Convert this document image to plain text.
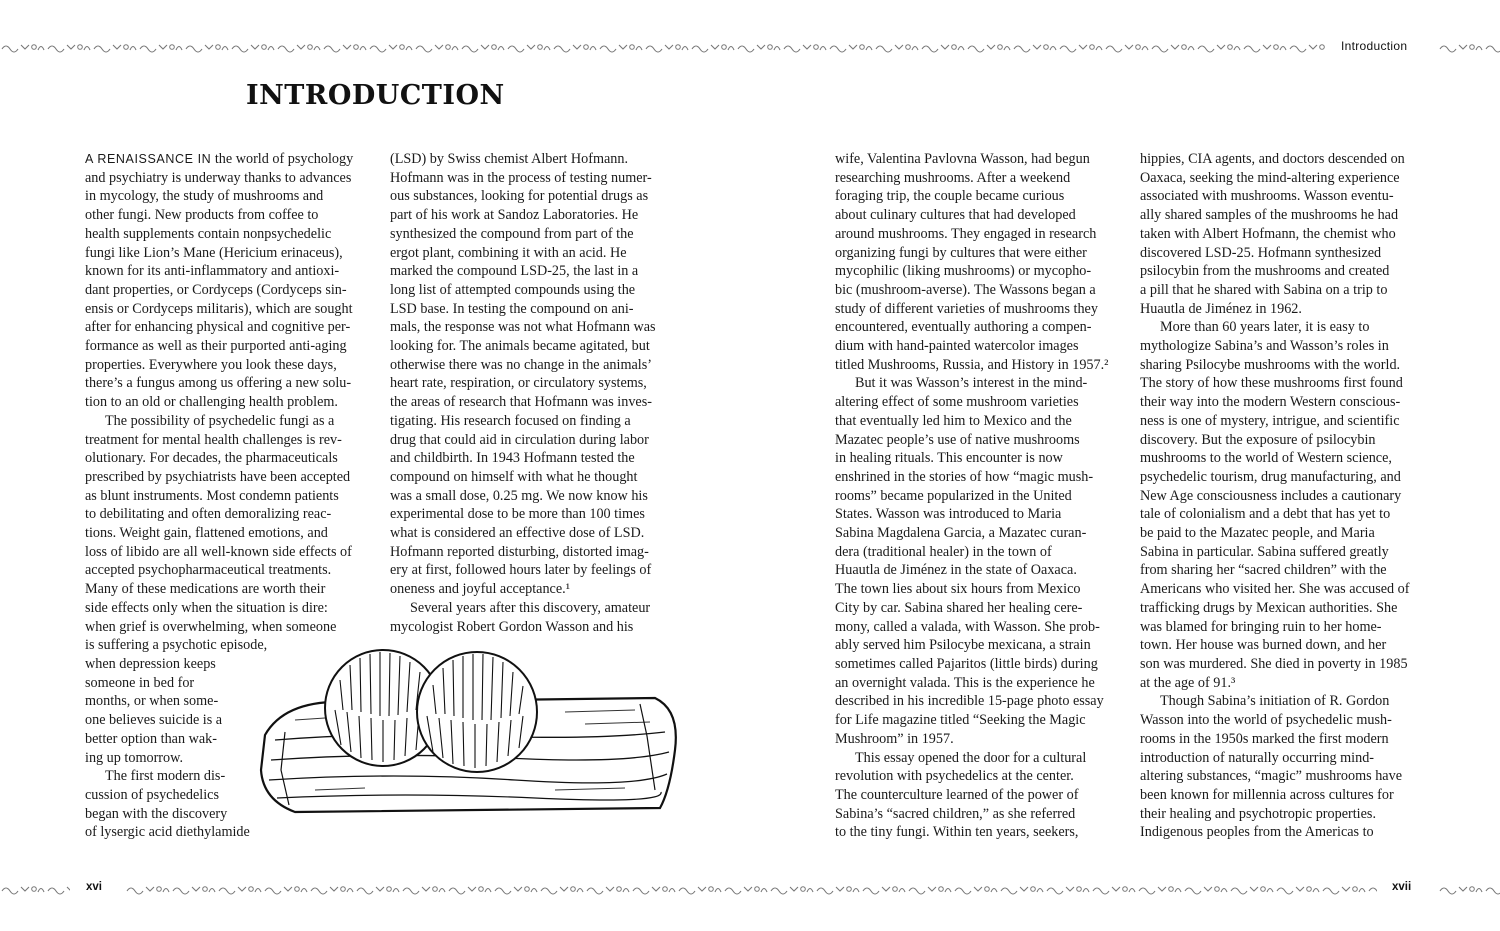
Introduction
INTRODUCTION

A RENAISSANCE IN the world of psychology
and psychiatry is underway thanks to advances
in mycology, the study of mushrooms and
other fungi. New products from coffee to
health supplements contain nonpsychedelic
fungi like Lion’s Mane (Hericium erinaceus),
known for its anti-inflammatory and antioxi-
dant properties, or Cordyceps (Cordyceps sin-
ensis or Cordyceps militaris), which are sought
after for enhancing physical and cognitive per-
formance as well as their purported anti-aging
properties. Everywhere you look these days,
there’s a fungus among us offering a new solu-
tion to an old or challenging health problem.

The possibility of psychedelic fungi as a
treatment for mental health challenges is rev-
olutionary. For decades, the pharmaceuticals
prescribed by psychiatrists have been accepted
as blunt instruments. Most condemn patients
to debilitating and often demoralizing reac-
tions. Weight gain, flattened emotions, and
loss of libido are all well-known side effects of
accepted psychopharmaceutical treatments.
Many of these medications are worth their
side effects only when the situation is dire:
when grief is overwhelming, when someone
is suffering a psychotic episode,
when depression keeps
someone in bed for
months, or when some-
one believes suicide is a
better option than wak-
ing up tomorrow.

The first modern dis-
cussion of psychedelics
began with the discovery
of lysergic acid diethylamide

(LSD) by Swiss chemist Albert Hofmann.
Hofmann was in the process of testing numer-
ous substances, looking for potential drugs as
part of his work at Sandoz Laboratories. He
synthesized the compound from part of the
ergot plant, combining it with an acid. He
marked the compound LSD-25, the last in a
long list of attempted compounds using the
LSD base. In testing the compound on ani-
mals, the response was not what Hofmann was
looking for. The animals became agitated, but
otherwise there was no change in the animals’
heart rate, respiration, or circulatory systems,
the areas of research that Hofmann was inves-
tigating. His research focused on finding a
drug that could aid in circulation during labor
and childbirth. In 1943 Hofmann tested the
compound on himself with what he thought
was a small dose, 0.25 mg. We now know his
experimental dose to be more than 100 times
what is considered an effective dose of LSD.
Hofmann reported disturbing, distorted imag-
ery at first, followed hours later by feelings of
oneness and joyful acceptance.¹

Several years after this discovery, amateur
mycologist Robert Gordon Wasson and his

wife, Valentina Pavlovna Wasson, had begun
researching mushrooms. After a weekend
foraging trip, the couple became curious
about culinary cultures that had developed
around mushrooms. They engaged in research
organizing fungi by cultures that were either
mycophilic (liking mushrooms) or mycopho-
bic (mushroom-averse). The Wassons began a
study of different varieties of mushrooms they
encountered, eventually authoring a compen-
dium with hand-painted watercolor images
titled Mushrooms, Russia, and History in 1957.²

But it was Wasson’s interest in the mind-
altering effect of some mushroom varieties
that eventually led him to Mexico and the
Mazatec people’s use of native mushrooms
in healing rituals. This encounter is now
enshrined in the stories of how “magic mush-
rooms” became popularized in the United
States. Wasson was introduced to Maria
Sabina Magdalena Garcia, a Mazatec curan-
dera (traditional healer) in the town of
Huautla de Jiménez in the state of Oaxaca.
The town lies about six hours from Mexico
City by car. Sabina shared her healing cere-
mony, called a valada, with Wasson. She prob-
ably served him Psilocybe mexicana, a strain
sometimes called Pajaritos (little birds) during
an overnight valada. This is the experience he
described in his incredible 15-page photo essay
for Life magazine titled “Seeking the Magic
Mushroom” in 1957.

This essay opened the door for a cultural
revolution with psychedelics at the center.
The counterculture learned of the power of
Sabina’s “sacred children,” as she referred
to the tiny fungi. Within ten years, seekers,

hippies, CIA agents, and doctors descended on
Oaxaca, seeking the mind-altering experience
associated with mushrooms. Wasson eventu-
ally shared samples of the mushrooms he had
taken with Albert Hofmann, the chemist who
discovered LSD-25. Hofmann synthesized
psilocybin from the mushrooms and created
a pill that he shared with Sabina on a trip to
Huautla de Jiménez in 1962.

More than 60 years later, it is easy to
mythologize Sabina’s and Wasson’s roles in
sharing Psilocybe mushrooms with the world.
The story of how these mushrooms first found
their way into the modern Western conscious-
ness is one of mystery, intrigue, and scientific
discovery. But the exposure of psilocybin
mushrooms to the world of Western science,
psychedelic tourism, drug manufacturing, and
New Age consciousness includes a cautionary
tale of colonialism and a debt that has yet to
be paid to the Mazatec people, and Maria
Sabina in particular. Sabina suffered greatly
from sharing her “sacred children” with the
Americans who visited her. She was accused of
trafficking drugs by Mexican authorities. She
was blamed for bringing ruin to her home-
town. Her house was burned down, and her
son was murdered. She died in poverty in 1985
at the age of 91.³

Though Sabina’s initiation of R. Gordon
Wasson into the world of psychedelic mush-
rooms in the 1950s marked the first modern
introduction of naturally occurring mind-
altering substances, “magic” mushrooms have
been known for millennia across cultures for
their healing and psychotropic properties.
Indigenous peoples from the Americas to

xvi	xvii
